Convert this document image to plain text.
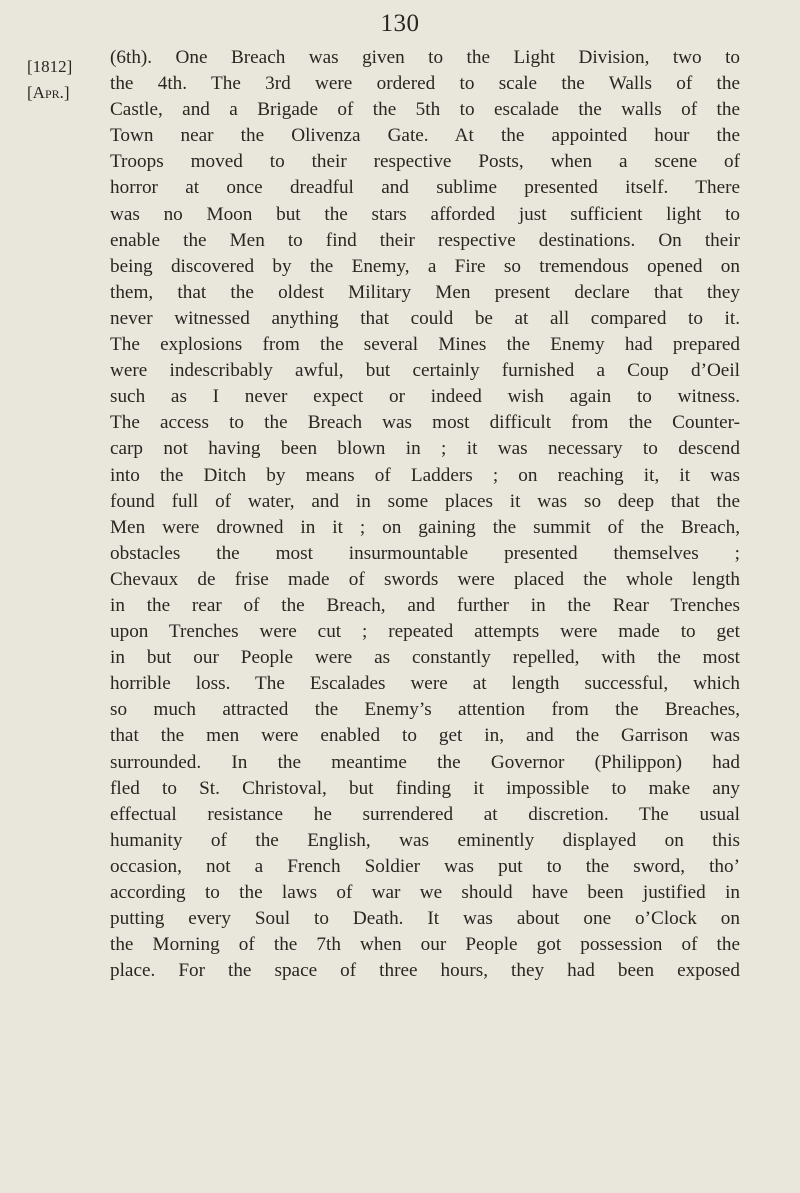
130
[1812]
[Apr.]
(6th). One Breach was given to the Light Division, two to
the 4th. The 3rd were ordered to scale the Walls of the
Castle, and a Brigade of the 5th to escalade the walls of the
Town near the Olivenza Gate. At the appointed hour the
Troops moved to their respective Posts, when a scene of
horror at once dreadful and sublime presented itself. There
was no Moon but the stars afforded just sufficient light to
enable the Men to find their respective destinations. On their
being discovered by the Enemy, a Fire so tremendous opened on
them, that the oldest Military Men present declare that they
never witnessed anything that could be at all compared to it.
The explosions from the several Mines the Enemy had prepared
were indescribably awful, but certainly furnished a Coup d’Oeil
such as I never expect or indeed wish again to witness.
The access to the Breach was most difficult from the Counter-
carp not having been blown in ; it was necessary to descend
into the Ditch by means of Ladders ; on reaching it, it was
found full of water, and in some places it was so deep that the
Men were drowned in it ; on gaining the summit of the Breach,
obstacles the most insurmountable presented themselves ;
Chevaux de frise made of swords were placed the whole length
in the rear of the Breach, and further in the Rear Trenches
upon Trenches were cut ; repeated attempts were made to get
in but our People were as constantly repelled, with the most
horrible loss. The Escalades were at length successful, which
so much attracted the Enemy’s attention from the Breaches,
that the men were enabled to get in, and the Garrison was
surrounded. In the meantime the Governor (Philippon) had
fled to St. Christoval, but finding it impossible to make any
effectual resistance he surrendered at discretion. The usual
humanity of the English, was eminently displayed on this
occasion, not a French Soldier was put to the sword, tho’
according to the laws of war we should have been justified in
putting every Soul to Death. It was about one o’Clock on
the Morning of the 7th when our People got possession of the
place. For the space of three hours, they had been exposed
